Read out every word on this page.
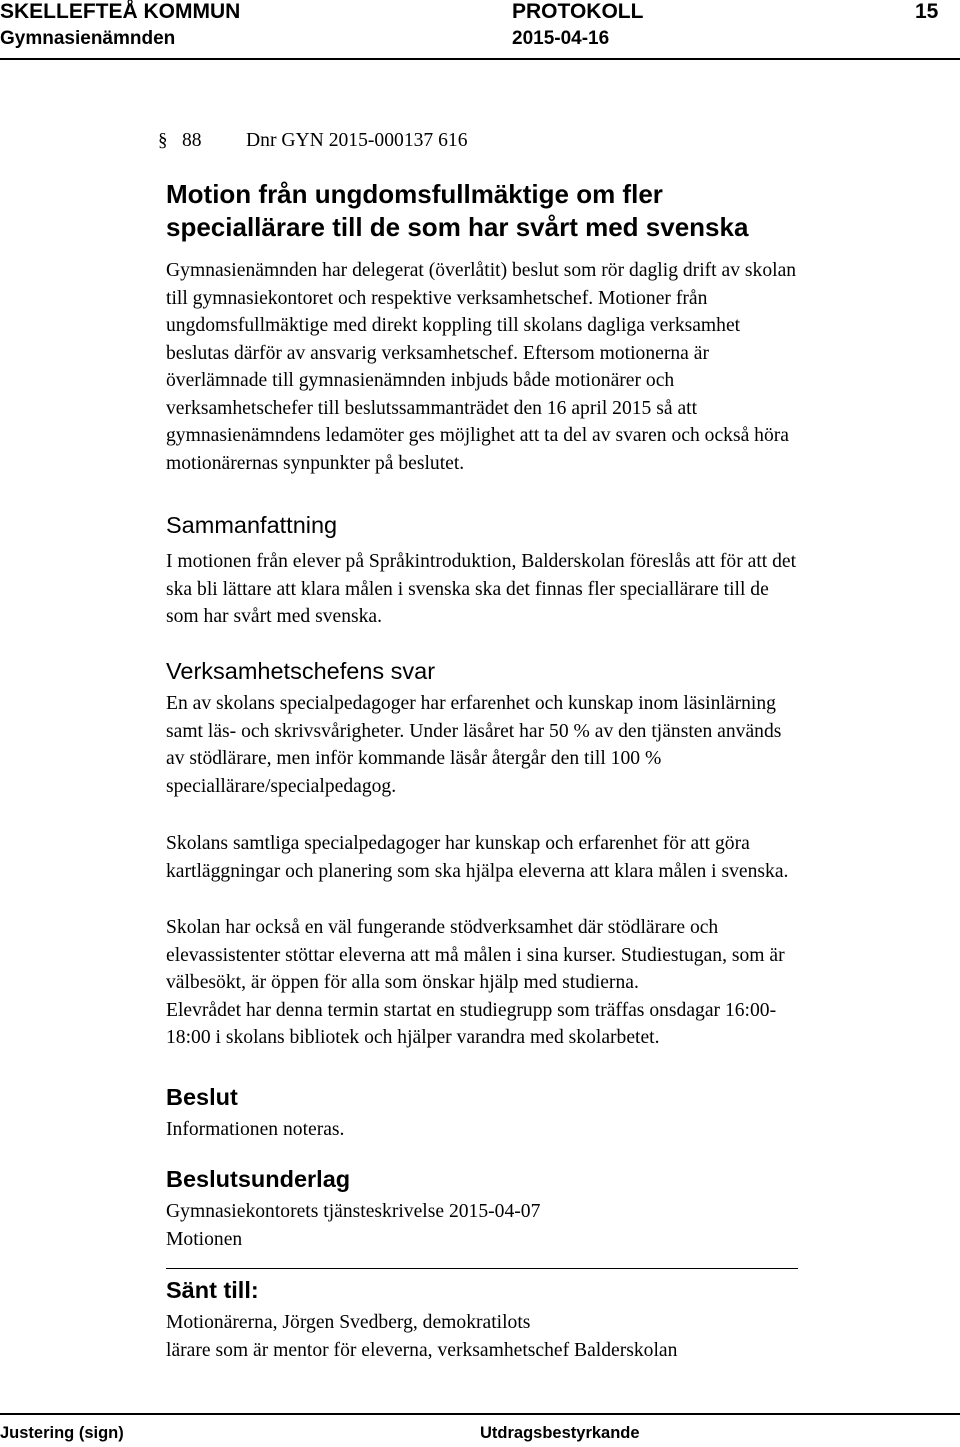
SKELLEFTEÅ KOMMUN	PROTOKOLL	15
Gymnasienämnden	2015-04-16
§ 88 Dnr GYN 2015-000137 616
Motion från ungdomsfullmäktige om fler
speciallärare till de som har svårt med svenska
Gymnasienämnden har delegerat (överlåtit) beslut som rör daglig drift av skolan
till gymnasiekontoret och respektive verksamhetschef. Motioner från
ungdomsfullmäktige med direkt koppling till skolans dagliga verksamhet
beslutas därför av ansvarig verksamhetschef. Eftersom motionerna är
överlämnade till gymnasienämnden inbjuds både motionärer och
verksamhetschefer till beslutssammanträdet den 16 april 2015 så att
gymnasienämndens ledamöter ges möjlighet att ta del av svaren och också höra
motionärernas synpunkter på beslutet.
Sammanfattning
I motionen från elever på Språkintroduktion, Balderskolan föreslås att för att det
ska bli lättare att klara målen i svenska ska det finnas fler speciallärare till de
som har svårt med svenska.
Verksamhetschefens svar
En av skolans specialpedagoger har erfarenhet och kunskap inom läsinlärning
samt läs- och skrivsvårigheter. Under läsåret har 50 % av den tjänsten används
av stödlärare, men inför kommande läsår återgår den till 100 %
speciallärare/specialpedagog.
Skolans samtliga specialpedagoger har kunskap och erfarenhet för att göra
kartläggningar och planering som ska hjälpa eleverna att klara målen i svenska.
Skolan har också en väl fungerande stödverksamhet där stödlärare och
elevassistenter stöttar eleverna att må målen i sina kurser. Studiestugan, som är
välbesökt, är öppen för alla som önskar hjälp med studierna.
Elevrådet har denna termin startat en studiegrupp som träffas onsdagar 16:00-
18:00 i skolans bibliotek och hjälper varandra med skolarbetet.
Beslut
Informationen noteras.
Beslutsunderlag
Gymnasiekontorets tjänsteskrivelse 2015-04-07
Motionen
Sänt till:
Motionärerna, Jörgen Svedberg, demokratilots
lärare som är mentor för eleverna, verksamhetschef Balderskolan
Justering (sign)	Utdragsbestyrkande
